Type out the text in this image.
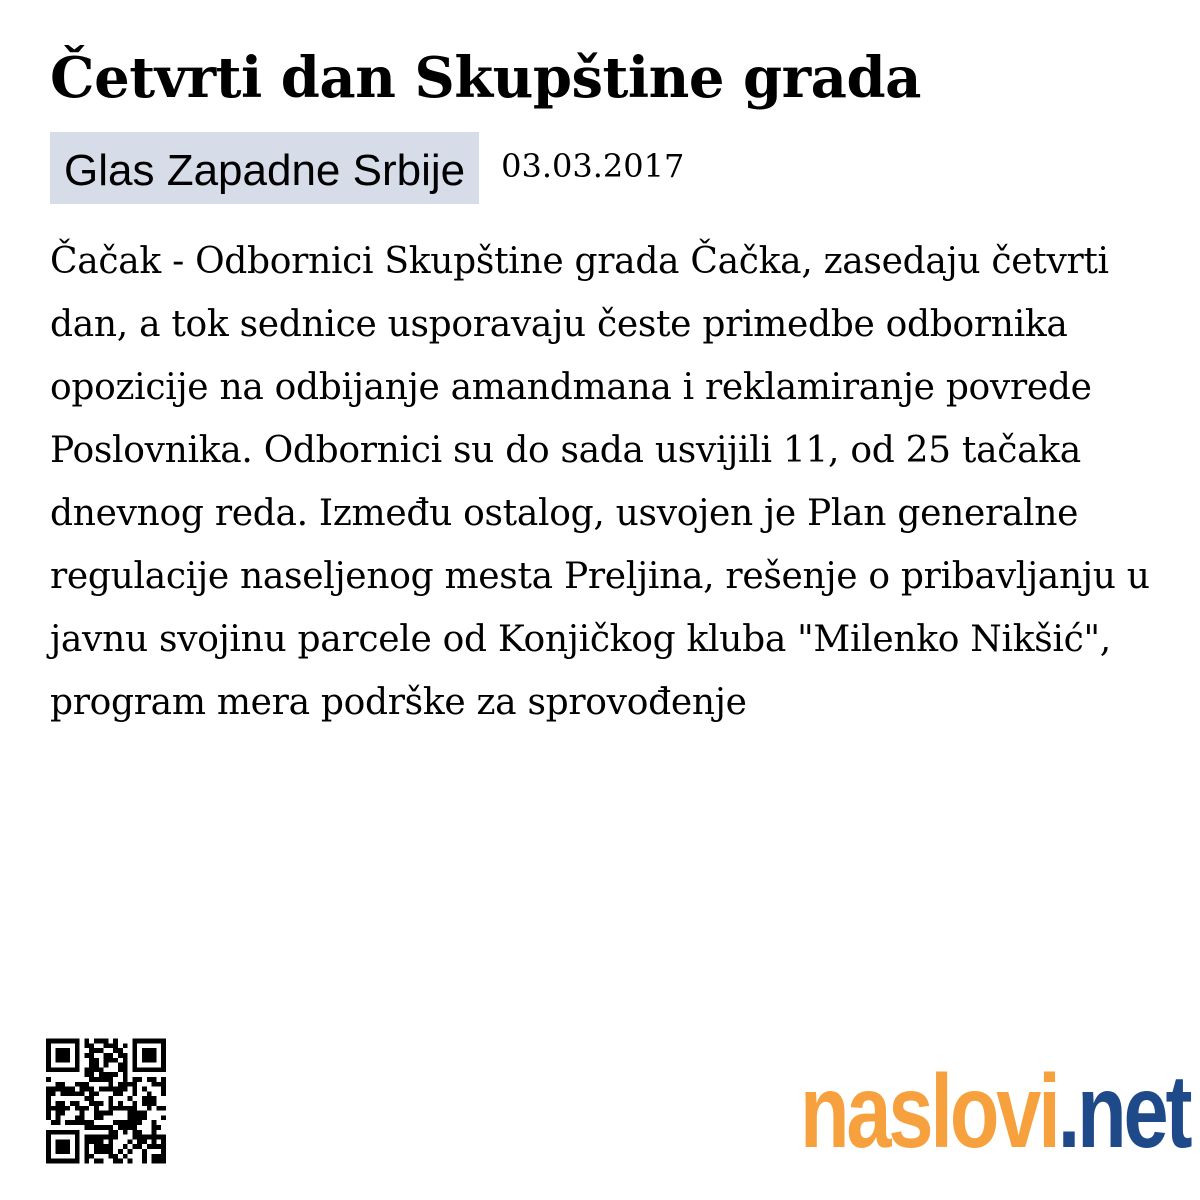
Četvrti dan Skupštine grada
Glas Zapadne Srbije	03.03.2017

Čačak - Odbornici Skupštine grada Čačka, zasedaju četvrti dan, a tok sednice usporavaju česte primedbe odbornika opozicije na odbijanje amandmana i reklamiranje povrede Poslovnika. Odbornici su do sada usvijili 11, od 25 tačaka dnevnog reda. Između ostalog, usvojen je Plan generalne regulacije naseljenog mesta Preljina, rešenje o pribavljanju u javnu svojinu parcele od Konjičkog kluba "Milenko Nikšić", program mera podrške za sprovođenje

naslovi.net
